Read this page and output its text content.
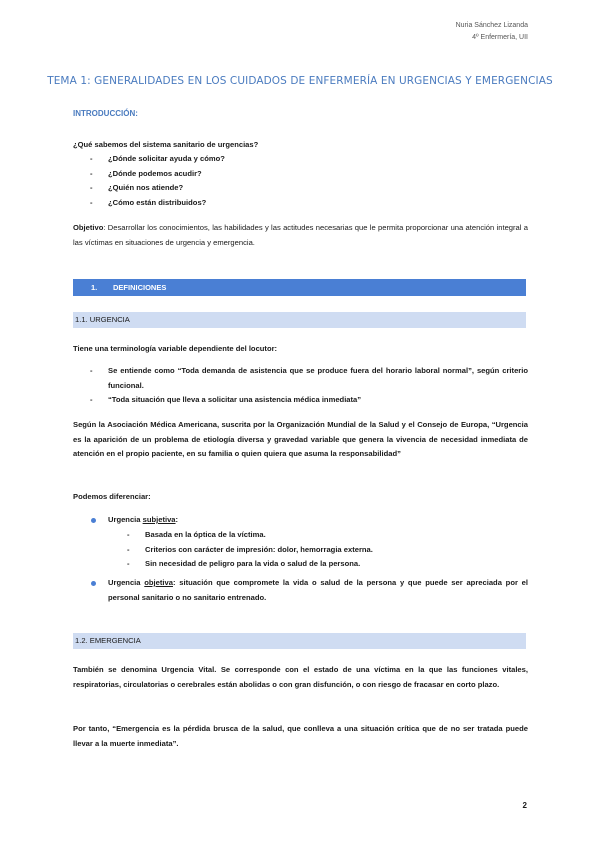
Nuria Sánchez Lizanda
4º Enfermería, UII
TEMA 1: GENERALIDADES EN LOS CUIDADOS DE ENFERMERÍA EN URGENCIAS Y EMERGENCIAS
INTRODUCCIÓN:
¿Qué sabemos del sistema sanitario de urgencias?
- ¿Dónde solicitar ayuda y cómo?
- ¿Dónde podemos acudir?
- ¿Quién nos atiende?
- ¿Cómo están distribuidos?
Objetivo: Desarrollar los conocimientos, las habilidades y las actitudes necesarias que le permita proporcionar una atención integral a las víctimas en situaciones de urgencia y emergencia.
1. DEFINICIONES
1.1. URGENCIA
Tiene una terminología variable dependiente del locutor:
-	Se entiende como “Toda demanda de asistencia que se produce fuera del horario laboral normal”, según criterio funcional.
-	“Toda situación que lleva a solicitar una asistencia médica inmediata”
Según la Asociación Médica Americana, suscrita por la Organización Mundial de la Salud y el Consejo de Europa, “Urgencia es la aparición de un problema de etiología diversa y gravedad variable que genera la vivencia de necesidad inmediata de atención en el propio paciente, en su familia o quien quiera que asuma la responsabilidad”
Podemos diferenciar:
Urgencia subjetiva:
- Basada en la óptica de la víctima.
- Criterios con carácter de impresión: dolor, hemorragia externa.
- Sin necesidad de peligro para la vida o salud de la persona.
Urgencia objetiva: situación que compromete la vida o salud de la persona y que puede ser apreciada por el personal sanitario o no sanitario entrenado.
1.2. EMERGENCIA
También se denomina Urgencia Vital. Se corresponde con el estado de una víctima en la que las funciones vitales, respiratorias, circulatorias o cerebrales están abolidas o con gran disfunción, o con riesgo de fracasar en corto plazo.
Por tanto, “Emergencia es la pérdida brusca de la salud, que conlleva a una situación crítica que de no ser tratada puede llevar a la muerte inmediata”.
2
